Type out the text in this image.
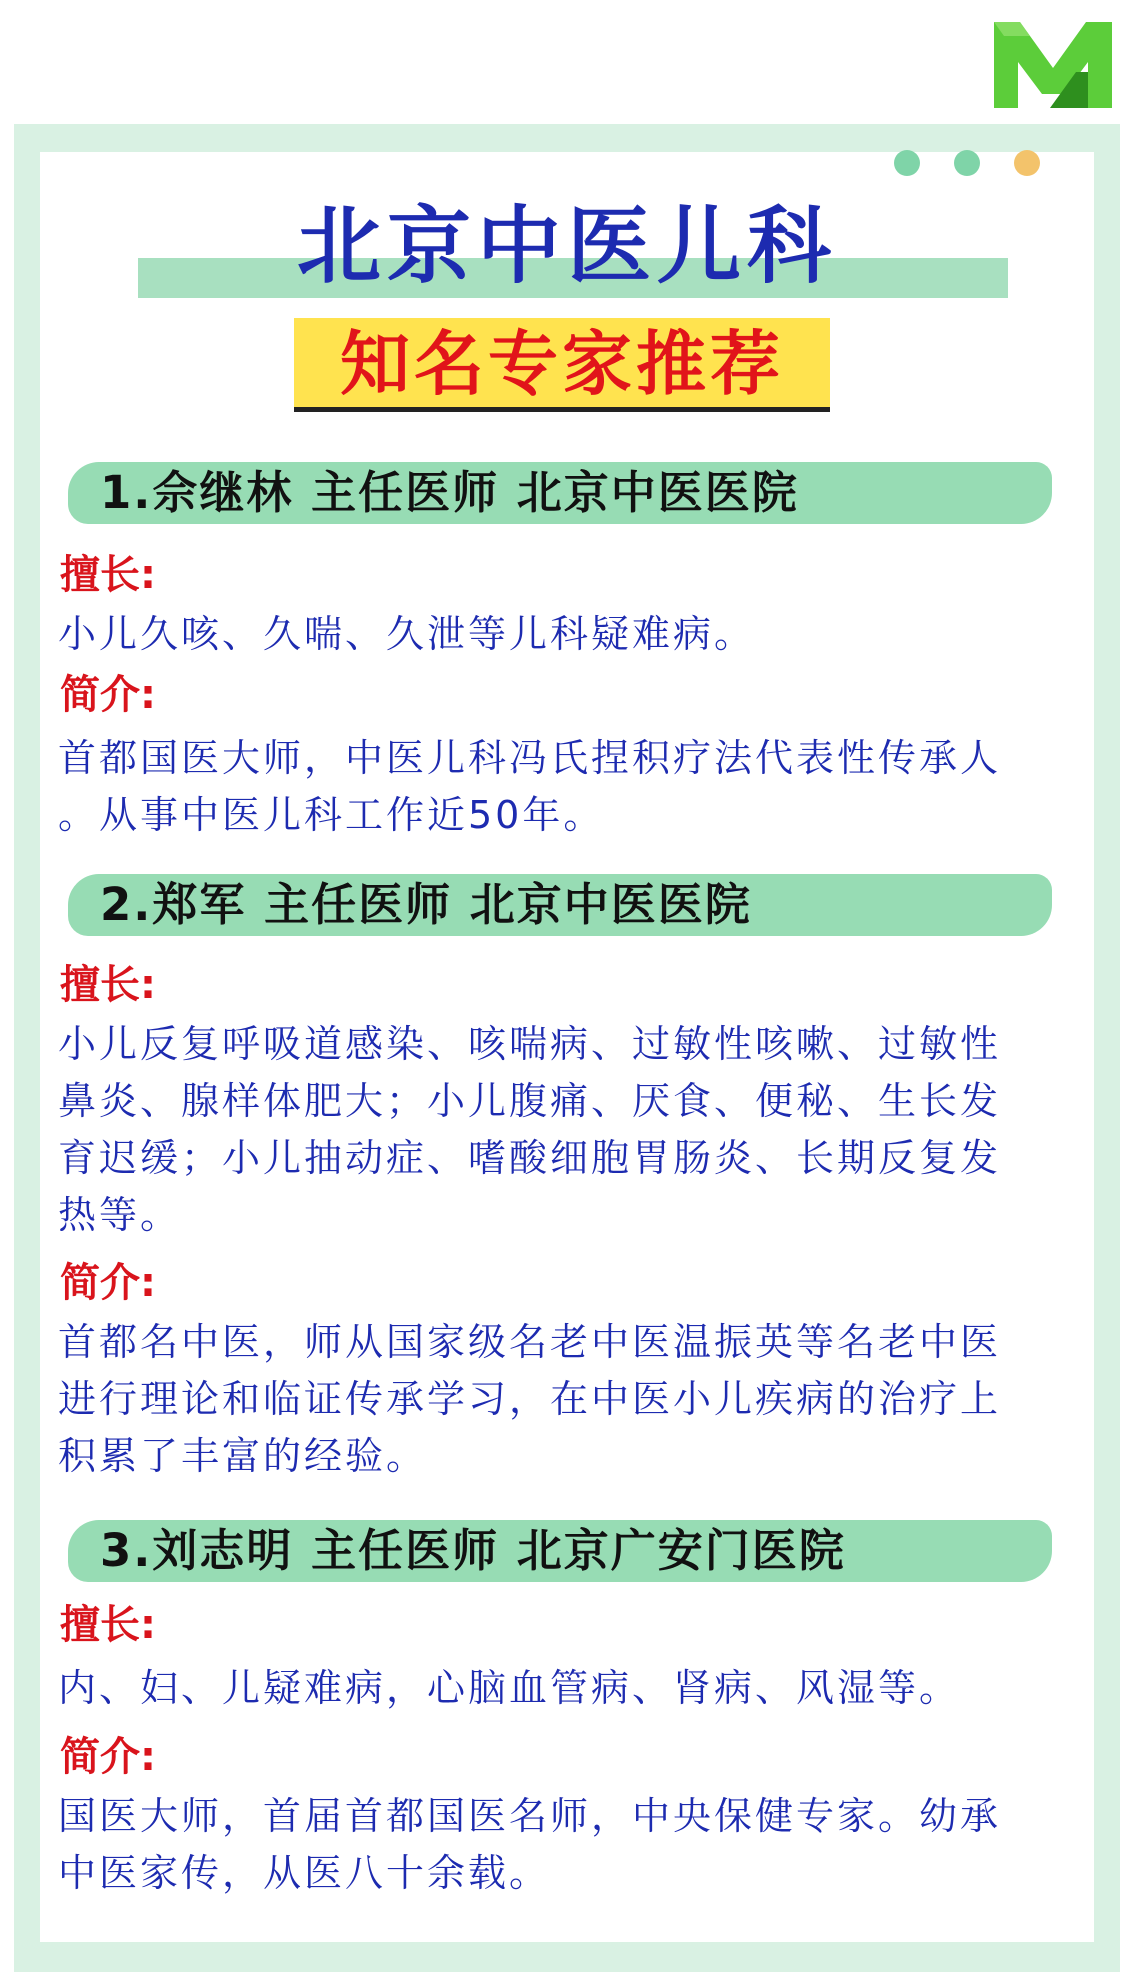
北京中医儿科
知名专家推荐
1.佘继林 主任医师 北京中医医院
擅长:
小儿久咳、久喘、久泄等儿科疑难病。
简介:
首都国医大师，中医儿科冯氏捏积疗法代表性传承人
。从事中医儿科工作近50年。
2.郑军 主任医师 北京中医医院
擅长:
小儿反复呼吸道感染、咳喘病、过敏性咳嗽、过敏性
鼻炎、腺样体肥大；小儿腹痛、厌食、便秘、生长发
育迟缓；小儿抽动症、嗜酸细胞胃肠炎、长期反复发
热等。
简介:
首都名中医，师从国家级名老中医温振英等名老中医
进行理论和临证传承学习，在中医小儿疾病的治疗上
积累了丰富的经验。
3.刘志明 主任医师 北京广安门医院
擅长:
内、妇、儿疑难病，心脑血管病、肾病、风湿等。
简介:
国医大师，首届首都国医名师，中央保健专家。幼承
中医家传，从医八十余载。
